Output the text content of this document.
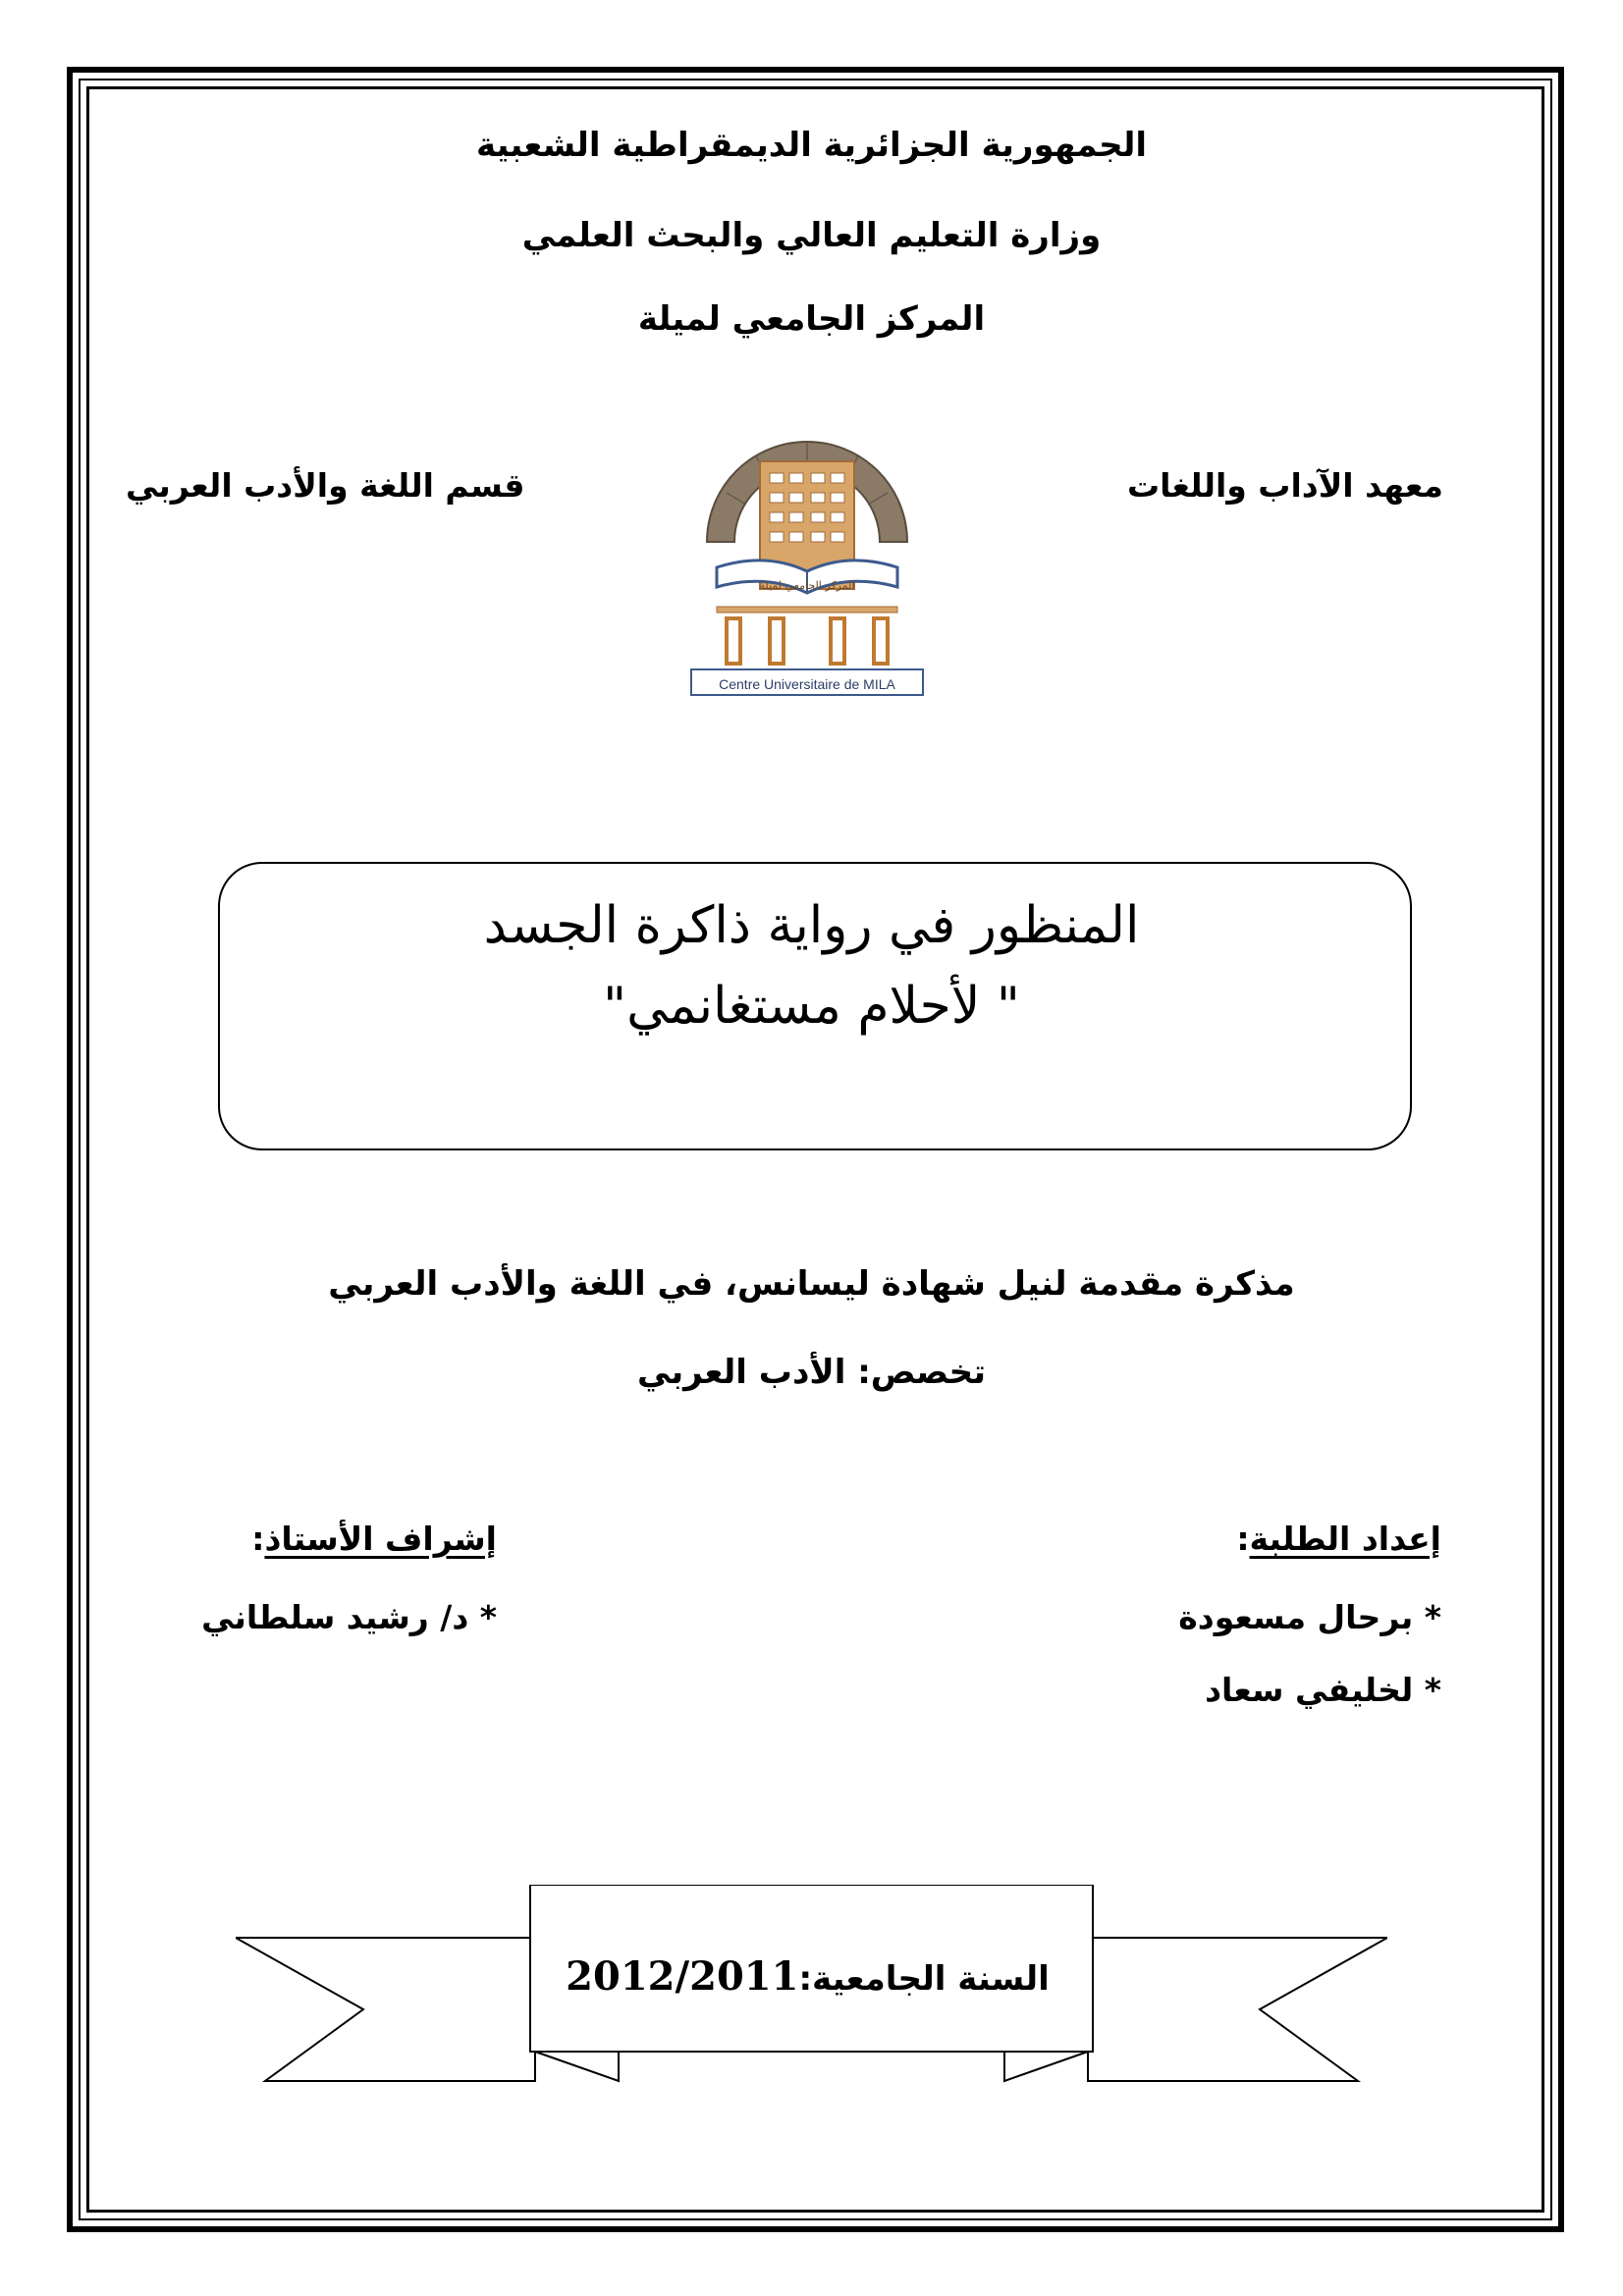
الجمهورية الجزائرية الديمقراطية الشعبية
وزارة التعليم العالي والبحث العلمي
المركز الجامعي لميلة
معهد الآداب واللغات
قسم اللغة والأدب العربي
Centre Universitaire de MILA
المركز الجامعي لميلة
المنظور في رواية ذاكرة الجسد
" لأحلام مستغانمي"
مذكرة مقدمة لنيل شهادة ليسانس، في اللغة والأدب العربي
تخصص: الأدب العربي
إعداد الطلبة:
* برحال مسعودة
* لخليفي سعاد
إشراف الأستاذ:
* د/ رشيد سلطاني
السنة الجامعية:2012/2011
